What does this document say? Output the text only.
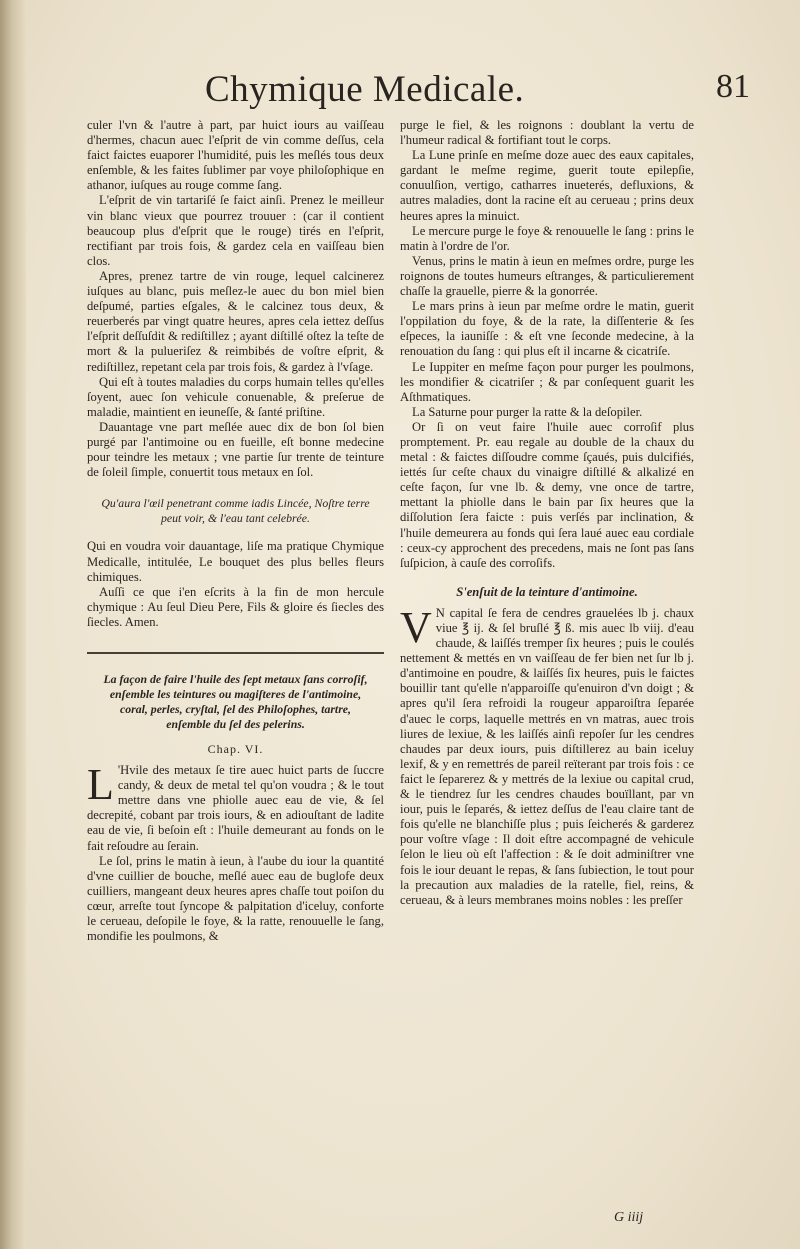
Chymique Medicale.	81

culer l'vn & l'autre à part, par huict iours au vaiſſeau d'hermes, chacun auec l'eſprit de vin comme deſſus, cela faict faictes euaporer l'humidité, puis les meſlés tous deux enſemble, & les faites ſublimer par voye philoſophique en athanor, iuſques au rouge comme ſang.

L'eſprit de vin tartariſé ſe faict ainſi. Prenez le meilleur vin blanc vieux que pourrez trouuer : (car il contient beaucoup plus d'eſprit que le rouge) tirés en l'eſprit, rectifiant par trois fois, & gardez cela en vaiſſeau bien clos.

Apres, prenez tartre de vin rouge, lequel calcinerez iuſques au blanc, puis meſlez-le auec du bon miel bien deſpumé, parties eſgales, & le calcinez tous deux, & reuerberés par vingt quatre heures, apres cela iettez deſſus l'eſprit deſſuſdit & rediſtillez ; ayant diſtillé oſtez la teſte de mort & la pulueriſez & reimbibés de voſtre eſprit, & rediſtillez, repetant cela par trois fois, & gardez à l'vſage.

Qui eſt à toutes maladies du corps humain telles qu'elles ſoyent, auec ſon vehicule conuenable, & preſerue de maladie, maintient en ieuneſſe, & ſanté priſtine.

Dauantage vne part meſlée auec dix de bon ſol bien purgé par l'antimoine ou en fueille, eſt bonne medecine pour teindre les metaux ; vne partie ſur trente de teinture de ſoleil ſimple, conuertit tous metaux en ſol.

Qu'aura l'œil penetrant comme iadis Lincée, Noſtre terre peut voir, & l'eau tant celebrée.

Qui en voudra voir dauantage, liſe ma pratique Chymique Medicalle, intitulée, Le bouquet des plus belles fleurs chimiques.

Auſſi ce que i'en eſcrits à la fin de mon hercule chymique : Au ſeul Dieu Pere, Fils & gloire és ſiecles des ſiecles. Amen.

La façon de faire l'huile des ſept metaux ſans corroſif, enſemble les teintures ou magiſteres de l'antimoine, coral, perles, cryſtal, ſel des Philoſophes, tartre, enſemble du ſel des pelerins.

Chap. VI.

L 'Hvile des metaux ſe tire auec huict parts de ſuccre candy, & deux de metal tel qu'on voudra ; & le tout mettre dans vne phiolle auec eau de vie, & ſel decrepité, cobant par trois iours, & en adiouſtant de ladite eau de vie, ſi beſoin eſt : l'huile demeurant au fonds on le fait reſoudre au ſerain.

Le ſol, prins le matin à ieun, à l'aube du iour la quantité d'vne cuillier de bouche, meſlé auec eau de buglofe deux cuilliers, mangeant deux heures apres chaſſe tout poiſon du cœur, arreſte tout ſyncope & palpitation d'iceluy, conforte le cerueau, deſopile le foye, & la ratte, renouuelle le ſang, mondifie les poulmons, &

purge le fiel, & les roignons : doublant la vertu de l'humeur radical & fortifiant tout le corps.

La Lune prinſe en meſme doze auec des eaux capitales, gardant le meſme regime, guerit toute epilepſie, conuulſion, vertigo, catharres inueterés, defluxions, & autres maladies, dont la racine eſt au cerueau ; prins deux heures apres la minuict.

Le mercure purge le foye & renouuelle le ſang : prins le matin à l'ordre de l'or.

Venus, prins le matin à ieun en meſmes ordre, purge les roignons de toutes humeurs eſtranges, & particulierement chaſſe la grauelle, pierre & la gonorrée.

Le mars prins à ieun par meſme ordre le matin, guerit l'oppilation du foye, & de la rate, la diſſenterie & ſes eſpeces, la iauniſſe : & eſt vne ſeconde medecine, à la renouation du ſang : qui plus eſt il incarne & cicatriſe.

Le Iuppiter en meſme façon pour purger les poulmons, les mondifier & cicatriſer ; & par conſequent guarit les Aſthmatiques.

La Saturne pour purger la ratte & la deſopiler.

Or ſi on veut faire l'huile auec corroſif plus promptement. Pr. eau regale au double de la chaux du metal : & faictes diſſoudre comme ſçaués, puis dulcifiés, iettés ſur ceſte chaux du vinaigre diſtillé & alkalizé en ceſte façon, ſur vne lb. & demy, vne once de tartre, mettant la phiolle dans le bain par ſix heures que la diſſolution ſera faicte : puis verſés par inclination, & l'huile demeurera au fonds qui ſera laué auec eau cordiale : ceux-cy approchent des precedens, mais ne ſont pas ſans ſuſpicion, à cauſe des corroſifs.

S'enſuit de la teinture d'antimoine.

V N capital ſe fera de cendres grauelées lb j. chaux viue ℥ ij. & ſel bruſlé ℥ ß. mis auec lb viij. d'eau chaude, & laiſſés tremper ſix heures ; puis le coulés nettement & mettés en vn vaiſſeau de fer bien net ſur lb j. d'antimoine en poudre, & laiſſés ſix heures, puis le faictes bouillir tant qu'elle n'apparoiſſe qu'enuiron d'vn doigt ; & apres qu'il ſera refroidi la rougeur apparoiſtra ſeparée d'auec le corps, laquelle mettrés en vn matras, auec trois liures de lexiue, & les laiſſés ainſi repoſer ſur les cendres chaudes par deux iours, puis diſtillerez au bain iceluy lexif, & y en remettrés de pareil reïterant par trois fois : ce faict le ſeparerez & y mettrés de la lexiue ou capital crud, & le tiendrez ſur les cendres chaudes bouïllant, par vn iour, puis le ſeparés, & iettez deſſus de l'eau claire tant de fois qu'elle ne blanchiſſe plus ; puis ſeicherés & garderez pour voſtre vſage : Il doit eſtre accompagné de vehicule ſelon le lieu où eſt l'affection : & ſe doit adminiſtrer vne fois le iour deuant le repas, & ſans ſubiection, le tout pour la precaution aux maladies de la ratelle, fiel, reins, & cerueau, & à leurs membranes moins nobles : les preſſer

G iiij
